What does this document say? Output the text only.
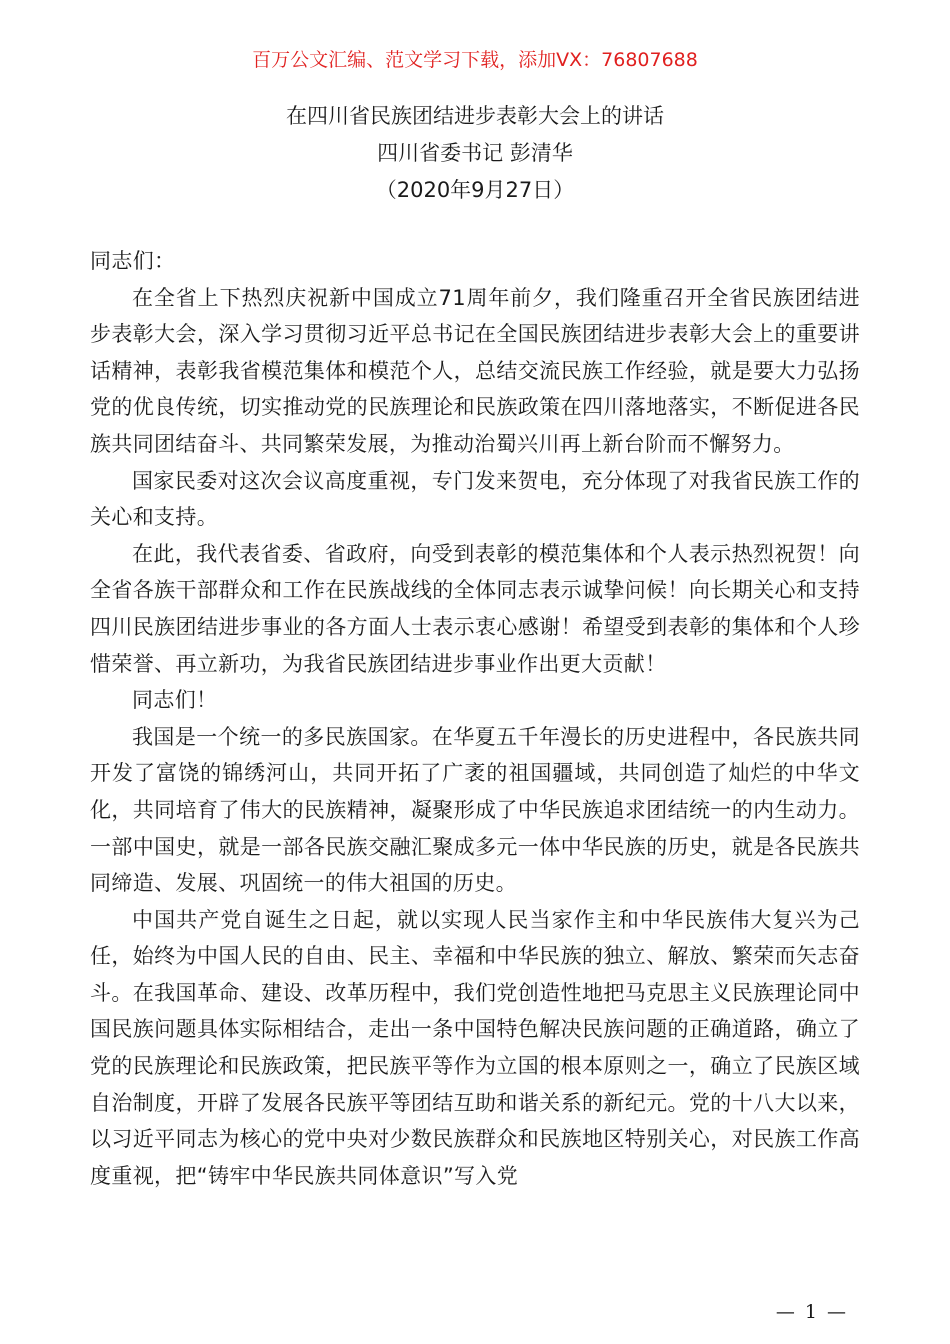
百万公文汇编、范文学习下载，添加VX：76807688
在四川省民族团结进步表彰大会上的讲话
四川省委书记 彭清华
（2020年9月27日）

同志们：

在全省上下热烈庆祝新中国成立71周年前夕，我们隆重召开全省民族团结进步表彰大会，深入学习贯彻习近平总书记在全国民族团结进步表彰大会上的重要讲话精神，表彰我省模范集体和模范个人，总结交流民族工作经验，就是要大力弘扬党的优良传统，切实推动党的民族理论和民族政策在四川落地落实，不断促进各民族共同团结奋斗、共同繁荣发展，为推动治蜀兴川再上新台阶而不懈努力。

国家民委对这次会议高度重视，专门发来贺电，充分体现了对我省民族工作的关心和支持。

在此，我代表省委、省政府，向受到表彰的模范集体和个人表示热烈祝贺！向全省各族干部群众和工作在民族战线的全体同志表示诚挚问候！向长期关心和支持四川民族团结进步事业的各方面人士表示衷心感谢！希望受到表彰的集体和个人珍惜荣誉、再立新功，为我省民族团结进步事业作出更大贡献！

同志们！

我国是一个统一的多民族国家。在华夏五千年漫长的历史进程中，各民族共同开发了富饶的锦绣河山，共同开拓了广袤的祖国疆域，共同创造了灿烂的中华文化，共同培育了伟大的民族精神，凝聚形成了中华民族追求团结统一的内生动力。一部中国史，就是一部各民族交融汇聚成多元一体中华民族的历史，就是各民族共同缔造、发展、巩固统一的伟大祖国的历史。

中国共产党自诞生之日起，就以实现人民当家作主和中华民族伟大复兴为己任，始终为中国人民的自由、民主、幸福和中华民族的独立、解放、繁荣而矢志奋斗。在我国革命、建设、改革历程中，我们党创造性地把马克思主义民族理论同中国民族问题具体实际相结合，走出一条中国特色解决民族问题的正确道路，确立了党的民族理论和民族政策，把民族平等作为立国的根本原则之一，确立了民族区域自治制度，开辟了发展各民族平等团结互助和谐关系的新纪元。党的十八大以来，以习近平同志为核心的党中央对少数民族群众和民族地区特别关心，对民族工作高度重视，把“铸牢中华民族共同体意识”写入党

— 1 —
